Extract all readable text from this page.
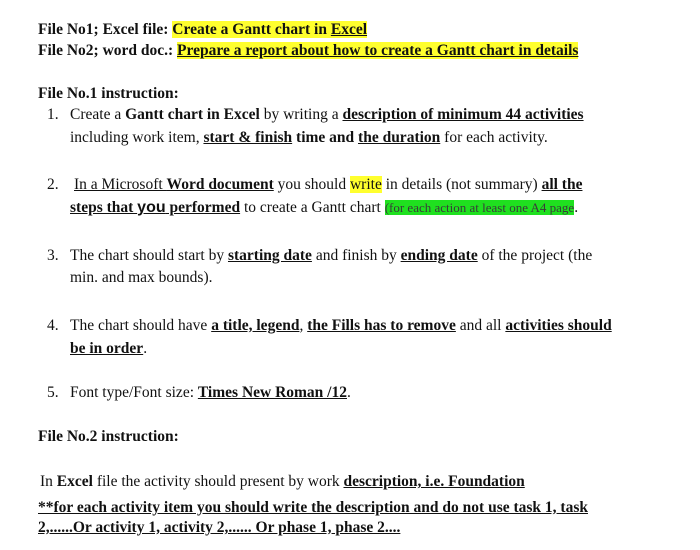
File No1; Excel file: Create a Gantt chart in Excel
File No2; word doc.: Prepare a report about how to create a Gantt chart in details
File No.1 instruction:
1. Create a Gantt chart in Excel by writing a description of minimum 44 activities
including work item, start & finish time and the duration for each activity.
2. In a Microsoft Word document you should write in details (not summary) all the
steps that you performed to create a Gantt chart (for each action at least one A4 page.
3. The chart should start by starting date and finish by ending date of the project (the
min. and max bounds).
4. The chart should have a title, legend, the Fills has to remove and all activities should
be in order.
5. Font type/Font size: Times New Roman /12.
File No.2 instruction:
In Excel file the activity should present by work description, i.e. Foundation
**for each activity item you should write the description and do not use task 1, task
2,......Or activity 1, activity 2,...... Or phase 1, phase 2....
